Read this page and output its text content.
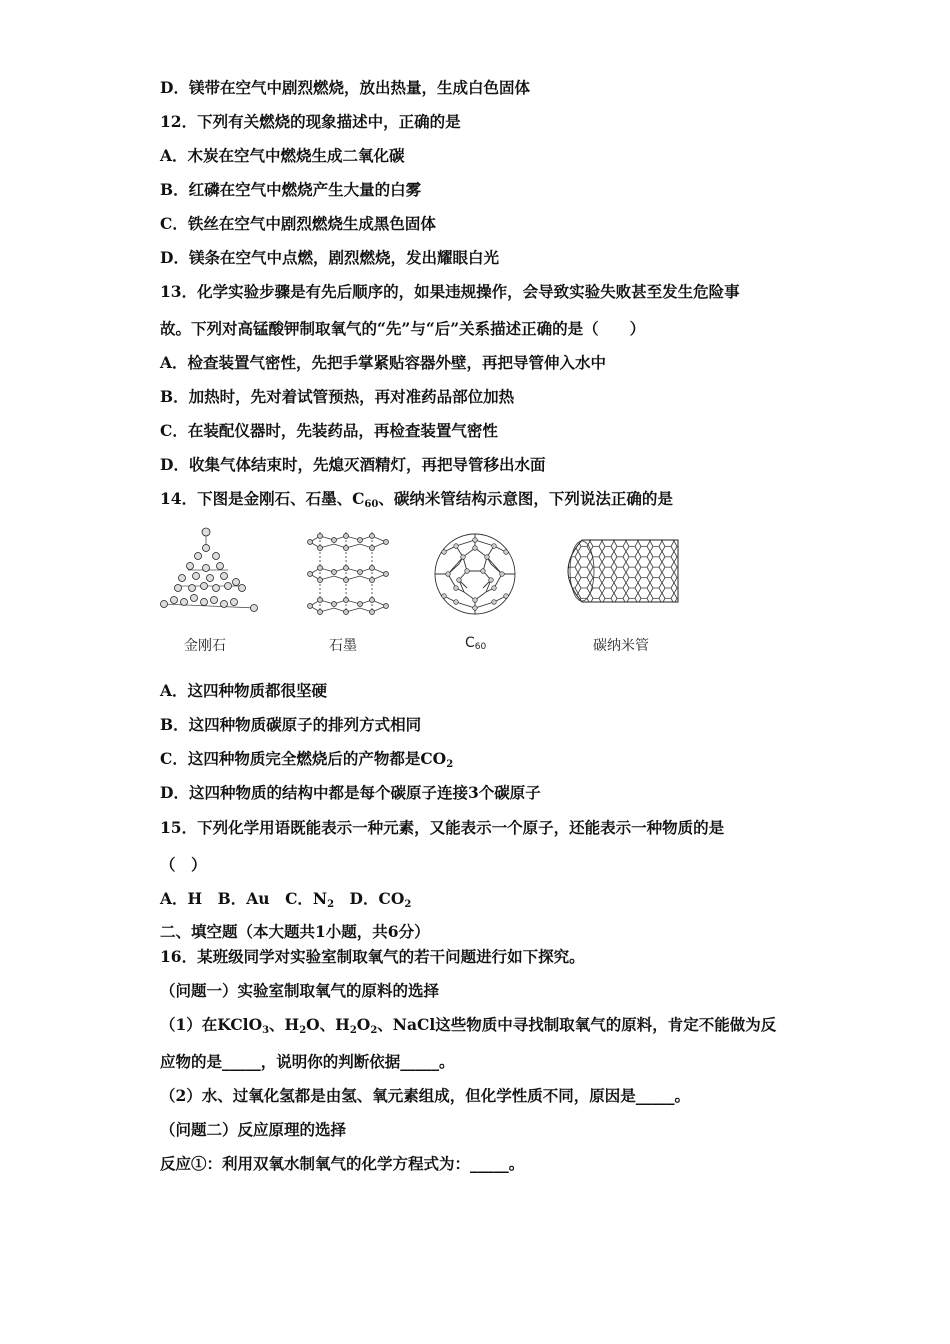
D．镁带在空气中剧烈燃烧，放出热量，生成白色固体
12．下列有关燃烧的现象描述中，正确的是
A．木炭在空气中燃烧生成二氧化碳
B．红磷在空气中燃烧产生大量的白雾
C．铁丝在空气中剧烈燃烧生成黑色固体
D．镁条在空气中点燃，剧烈燃烧，发出耀眼白光
13．化学实验步骤是有先后顺序的，如果违规操作，会导致实验失败甚至发生危险事
故。下列对高锰酸钾制取氧气的“先”与“后”关系描述正确的是（　　）
A．检查装置气密性，先把手掌紧贴容器外壁，再把导管伸入水中
B．加热时，先对着试管预热，再对准药品部位加热
C．在装配仪器时，先装药品，再检查装置气密性
D．收集气体结束时，先熄灭酒精灯，再把导管移出水面
14．下图是金刚石、石墨、$C_{60}$、碳纳米管结构示意图，下列说法正确的是
金刚石	石墨	C60	碳纳米管
A．这四种物质都很坚硬
B．这四种物质碳原子的排列方式相同
C．这四种物质完全燃烧后的产物都是$CO_2$
D．这四种物质的结构中都是每个碳原子连接3个碳原子
15．下列化学用语既能表示一种元素，又能表示一个原子，还能表示一种物质的是
（　）
A．H　B．Au　C．$N_2$　D．$CO_2$
二、填空题（本大题共1小题，共6分）
16．某班级同学对实验室制取氧气的若干问题进行如下探究。
（问题一）实验室制取氧气的原料的选择
（1）在KClO$_3$、$H_2O$、$H_2O_2$、NaCl这些物质中寻找制取氧气的原料，肯定不能做为反
应物的是_____，说明你的判断依据_____。
（2）水、过氧化氢都是由氢、氧元素组成，但化学性质不同，原因是_____。
（问题二）反应原理的选择
反应①：利用双氧水制氧气的化学方程式为：_____。
